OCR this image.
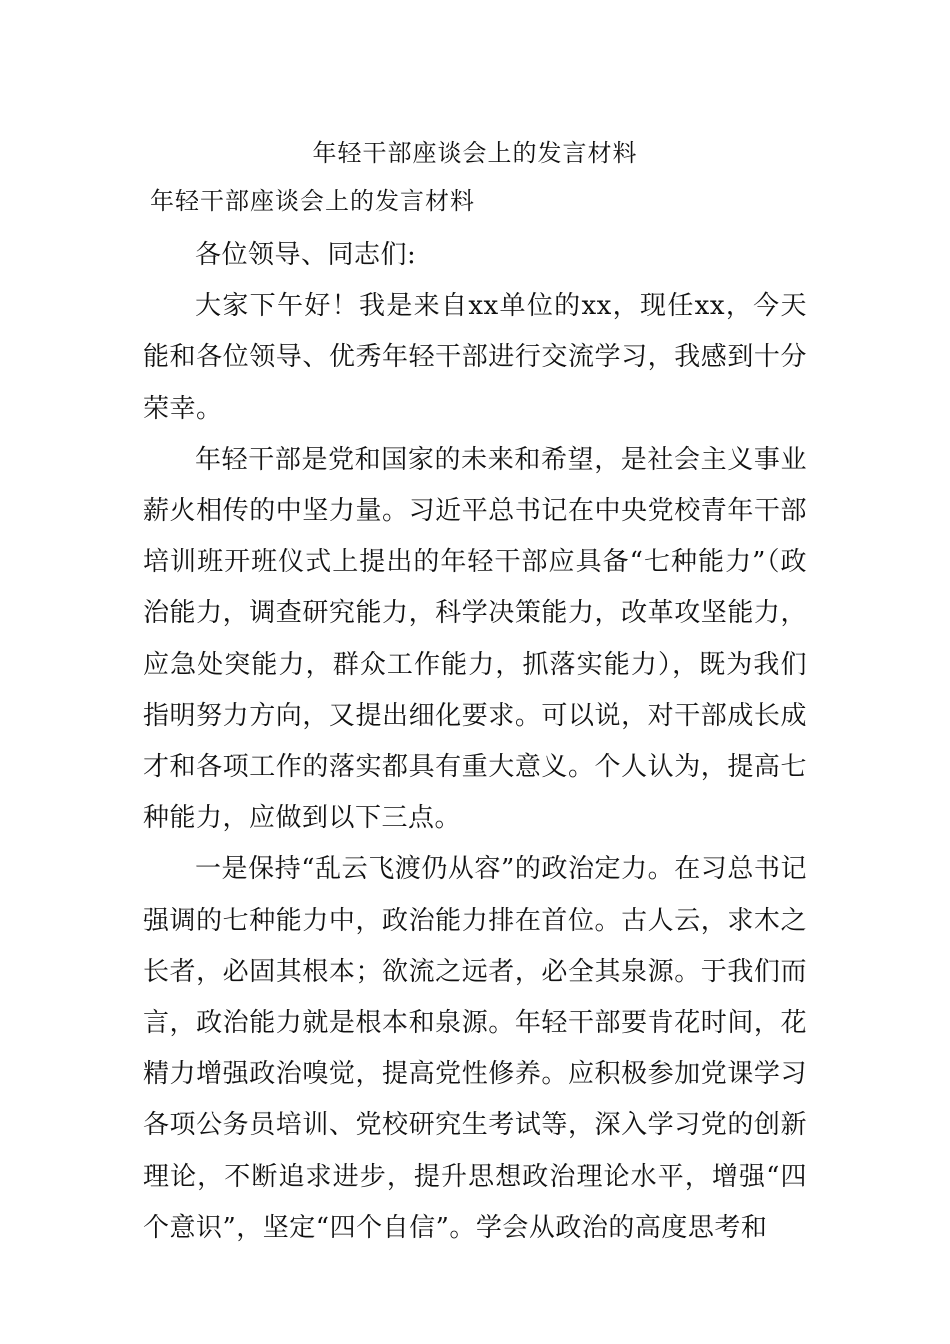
年轻干部座谈会上的发言材料
年轻干部座谈会上的发言材料

各位领导、同志们:

大家下午好！我是来自xx单位的xx，现任xx，今天能和各位领导、优秀年轻干部进行交流学习，我感到十分荣幸。

年轻干部是党和国家的未来和希望，是社会主义事业薪火相传的中坚力量。习近平总书记在中央党校青年干部培训班开班仪式上提出的年轻干部应具备“七种能力”（政治能力，调查研究能力，科学决策能力，改革攻坚能力，应急处突能力，群众工作能力，抓落实能力），既为我们指明努力方向，又提出细化要求。可以说，对干部成长成才和各项工作的落实都具有重大意义。个人认为，提高七种能力，应做到以下三点。

一是保持“乱云飞渡仍从容”的政治定力。在习总书记强调的七种能力中，政治能力排在首位。古人云，求木之长者，必固其根本；欲流之远者，必全其泉源。于我们而言，政治能力就是根本和泉源。年轻干部要肯花时间，花精力增强政治嗅觉，提高党性修养。应积极参加党课学习各项公务员培训、党校研究生考试等，深入学习党的创新理论，不断追求进步，提升思想政治理论水平，增强“四个意识”，坚定“四个自信”。学会从政治的高度思考和
